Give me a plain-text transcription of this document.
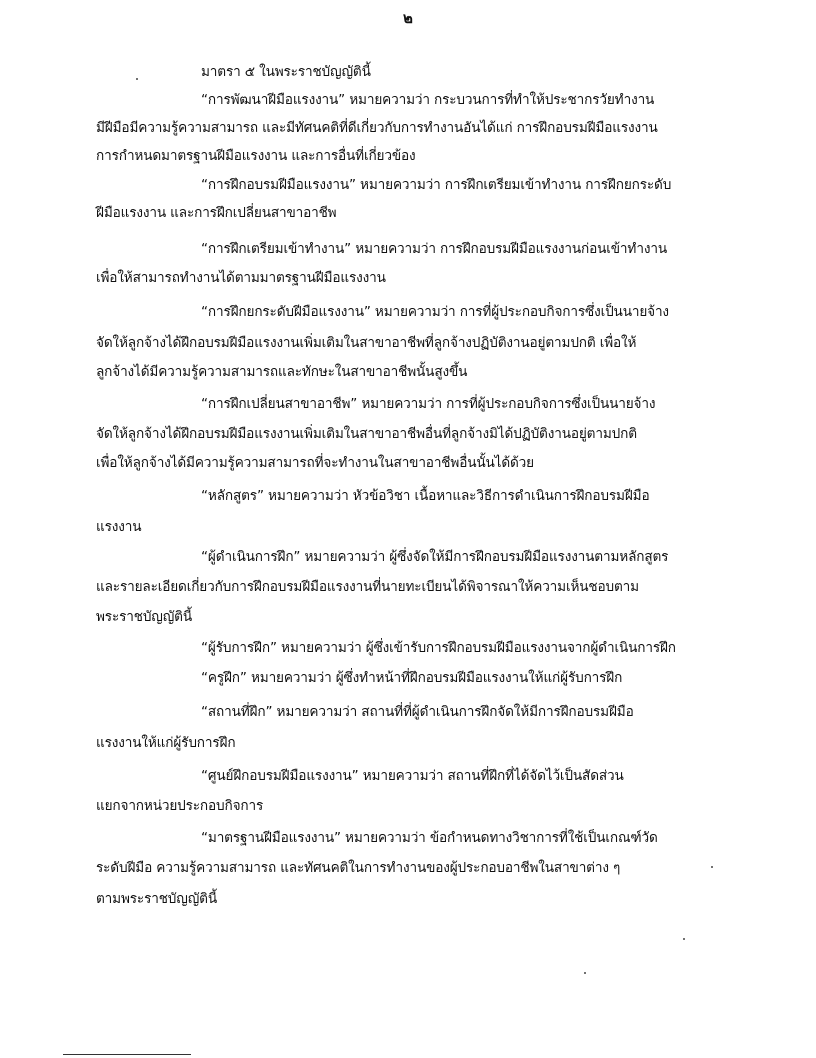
๒
มาตรา ๕ ในพระราชบัญญัตินี้
“การพัฒนาฝีมือแรงงาน” หมายความว่า กระบวนการที่ทำให้ประชากรวัยทำงาน
มีฝีมือมีความรู้ความสามารถ และมีทัศนคติที่ดีเกี่ยวกับการทำงานอันได้แก่ การฝึกอบรมฝีมือแรงงาน
การกำหนดมาตรฐานฝีมือแรงงาน และการอื่นที่เกี่ยวข้อง
“การฝึกอบรมฝีมือแรงงาน” หมายความว่า การฝึกเตรียมเข้าทำงาน การฝึกยกระดับ
ฝีมือแรงงาน และการฝึกเปลี่ยนสาขาอาชีพ
“การฝึกเตรียมเข้าทำงาน” หมายความว่า การฝึกอบรมฝีมือแรงงานก่อนเข้าทำงาน
เพื่อให้สามารถทำงานได้ตามมาตรฐานฝีมือแรงงาน
“การฝึกยกระดับฝีมือแรงงาน” หมายความว่า การที่ผู้ประกอบกิจการซึ่งเป็นนายจ้าง
จัดให้ลูกจ้างได้ฝึกอบรมฝีมือแรงงานเพิ่มเติมในสาขาอาชีพที่ลูกจ้างปฏิบัติงานอยู่ตามปกติ เพื่อให้
ลูกจ้างได้มีความรู้ความสามารถและทักษะในสาขาอาชีพนั้นสูงขึ้น
“การฝึกเปลี่ยนสาขาอาชีพ” หมายความว่า การที่ผู้ประกอบกิจการซึ่งเป็นนายจ้าง
จัดให้ลูกจ้างได้ฝึกอบรมฝีมือแรงงานเพิ่มเติมในสาขาอาชีพอื่นที่ลูกจ้างมิได้ปฏิบัติงานอยู่ตามปกติ
เพื่อให้ลูกจ้างได้มีความรู้ความสามารถที่จะทำงานในสาขาอาชีพอื่นนั้นได้ด้วย
“หลักสูตร” หมายความว่า หัวข้อวิชา เนื้อหาและวิธีการดำเนินการฝึกอบรมฝีมือ
แรงงาน
“ผู้ดำเนินการฝึก” หมายความว่า ผู้ซึ่งจัดให้มีการฝึกอบรมฝีมือแรงงานตามหลักสูตร
และรายละเอียดเกี่ยวกับการฝึกอบรมฝีมือแรงงานที่นายทะเบียนได้พิจารณาให้ความเห็นชอบตาม
พระราชบัญญัตินี้
“ผู้รับการฝึก” หมายความว่า ผู้ซึ่งเข้ารับการฝึกอบรมฝีมือแรงงานจากผู้ดำเนินการฝึก
“ครูฝึก” หมายความว่า ผู้ซึ่งทำหน้าที่ฝึกอบรมฝีมือแรงงานให้แก่ผู้รับการฝึก
“สถานที่ฝึก” หมายความว่า สถานที่ที่ผู้ดำเนินการฝึกจัดให้มีการฝึกอบรมฝีมือ
แรงงานให้แก่ผู้รับการฝึก
“ศูนย์ฝึกอบรมฝีมือแรงงาน” หมายความว่า สถานที่ฝึกที่ได้จัดไว้เป็นสัดส่วน
แยกจากหน่วยประกอบกิจการ
“มาตรฐานฝีมือแรงงาน” หมายความว่า ข้อกำหนดทางวิชาการที่ใช้เป็นเกณฑ์วัด
ระดับฝีมือ ความรู้ความสามารถ และทัศนคติในการทำงานของผู้ประกอบอาชีพในสาขาต่าง ๆ
ตามพระราชบัญญัตินี้
